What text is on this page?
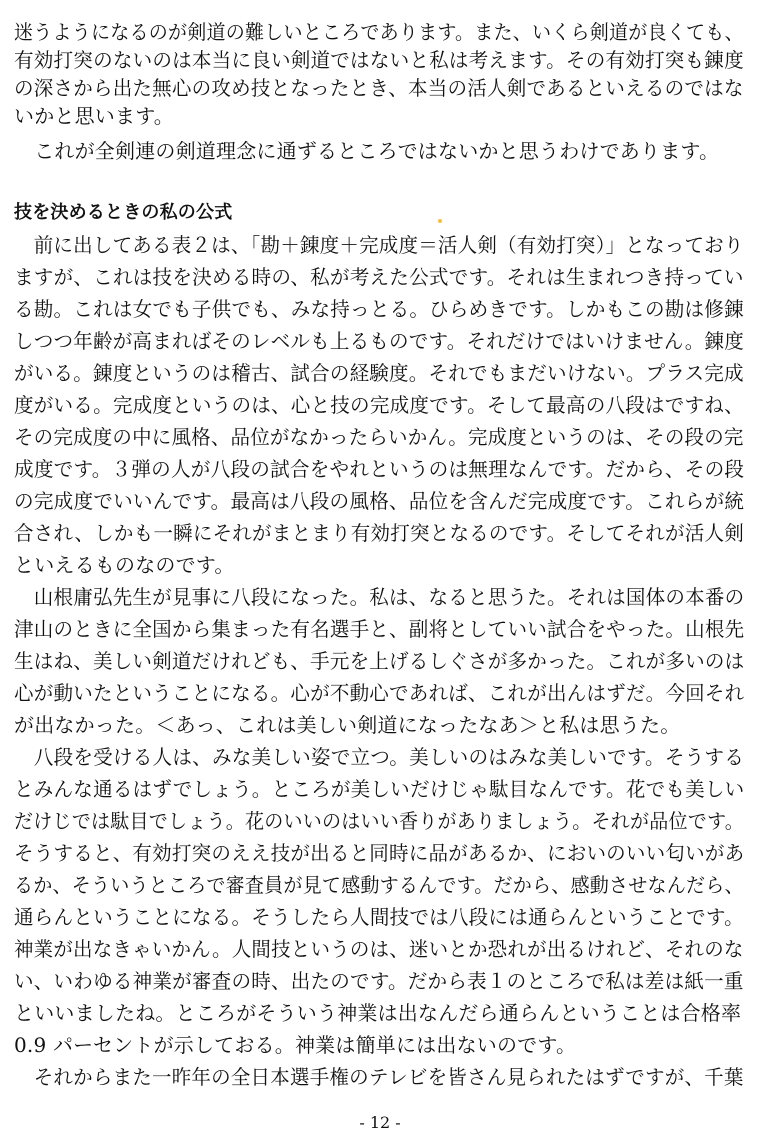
迷うようになるのが剣道の難しいところであります。また、いくら剣道が良くても、
有効打突のないのは本当に良い剣道ではないと私は考えます。その有効打突も錬度
の深さから出た無心の攻め技となったとき、本当の活人剣であるといえるのではな
いかと思います。
　これが全剣連の剣道理念に通ずるところではないかと思うわけであります。
技を決めるときの私の公式
　前に出してある表２は、「勘＋錬度＋完成度＝活人剣（有効打突）」となっており
ますが、これは技を決める時の、私が考えた公式です。それは生まれつき持ってい
る勘。これは女でも子供でも、みな持っとる。ひらめきです。しかもこの勘は修錬
しつつ年齢が高まればそのレベルも上るものです。それだけではいけません。錬度
がいる。錬度というのは稽古、試合の経験度。それでもまだいけない。プラス完成
度がいる。完成度というのは、心と技の完成度です。そして最高の八段はですね、
その完成度の中に風格、品位がなかったらいかん。完成度というのは、その段の完
成度です。３弾の人が八段の試合をやれというのは無理なんです。だから、その段
の完成度でいいんです。最高は八段の風格、品位を含んだ完成度です。これらが統
合され、しかも一瞬にそれがまとまり有効打突となるのです。そしてそれが活人剣
といえるものなのです。
　山根庸弘先生が見事に八段になった。私は、なると思うた。それは国体の本番の
津山のときに全国から集まった有名選手と、副将としていい試合をやった。山根先
生はね、美しい剣道だけれども、手元を上げるしぐさが多かった。これが多いのは
心が動いたということになる。心が不動心であれば、これが出んはずだ。今回それ
が出なかった。＜あっ、これは美しい剣道になったなあ＞と私は思うた。
　八段を受ける人は、みな美しい姿で立つ。美しいのはみな美しいです。そうする
とみんな通るはずでしょう。ところが美しいだけじゃ駄目なんです。花でも美しい
だけじでは駄目でしょう。花のいいのはいい香りがありましょう。それが品位です。
そうすると、有効打突のええ技が出ると同時に品があるか、においのいい匂いがあ
るか、そういうところで審査員が見て感動するんです。だから、感動させなんだら、
通らんということになる。そうしたら人間技では八段には通らんということです。
神業が出なきゃいかん。人間技というのは、迷いとか恐れが出るけれど、それのな
い、いわゆる神業が審査の時、出たのです。だから表１のところで私は差は紙一重
といいましたね。ところがそういう神業は出なんだら通らんということは合格率
0.9 パーセントが示しておる。神業は簡単には出ないのです。
　それからまた一昨年の全日本選手権のテレビを皆さん見られたはずですが、千葉
- 12 -
